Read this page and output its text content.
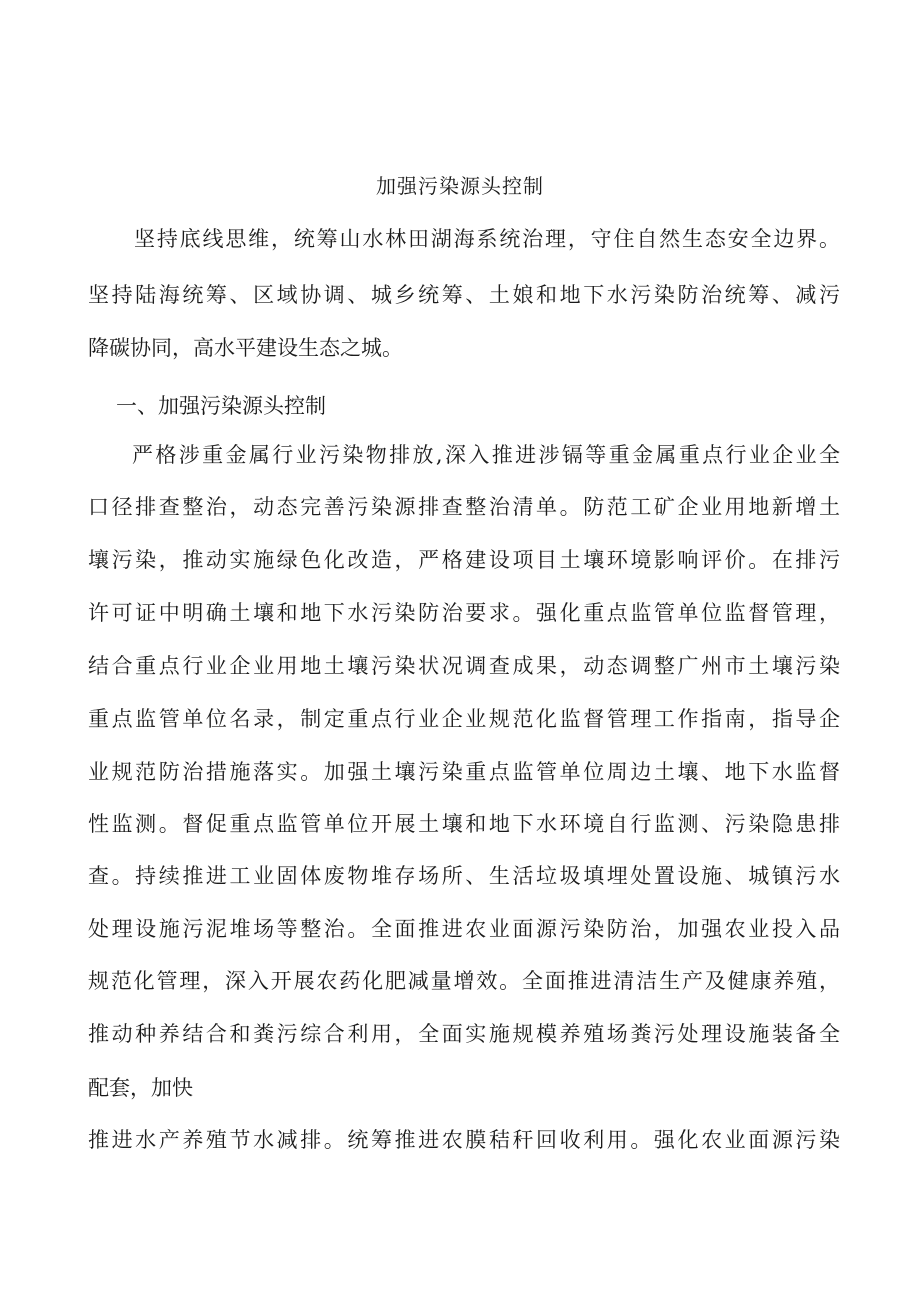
加强污染源头控制
坚持底线思维，统筹山水林田湖海系统治理，守住自然生态安全边界。
坚持陆海统筹、区域协调、城乡统筹、土娘和地下水污染防治统筹、减污
降碳协同，高水平建设生态之城。
一、加强污染源头控制
严格涉重金属行业污染物排放,深入推进涉镉等重金属重点行业企业全
口径排查整治，动态完善污染源排查整治清单。防范工矿企业用地新增土
壤污染，推动实施绿色化改造，严格建设项目土壤环境影响评价。在排污
许可证中明确土壤和地下水污染防治要求。强化重点监管单位监督管理，
结合重点行业企业用地土壤污染状况调查成果，动态调整广州市土壤污染
重点监管单位名录，制定重点行业企业规范化监督管理工作指南，指导企
业规范防治措施落实。加强土壤污染重点监管单位周边土壤、地下水监督
性监测。督促重点监管单位开展土壤和地下水环境自行监测、污染隐患排
查。持续推进工业固体废物堆存场所、生活垃圾填埋处置设施、城镇污水
处理设施污泥堆场等整治。全面推进农业面源污染防治，加强农业投入品
规范化管理，深入开展农药化肥减量增效。全面推进清洁生产及健康养殖，
推动种养结合和粪污综合利用，全面实施规模养殖场粪污处理设施装备全
配套，加快
推进水产养殖节水减排。统筹推进农膜秸秆回收利用。强化农业面源污染
